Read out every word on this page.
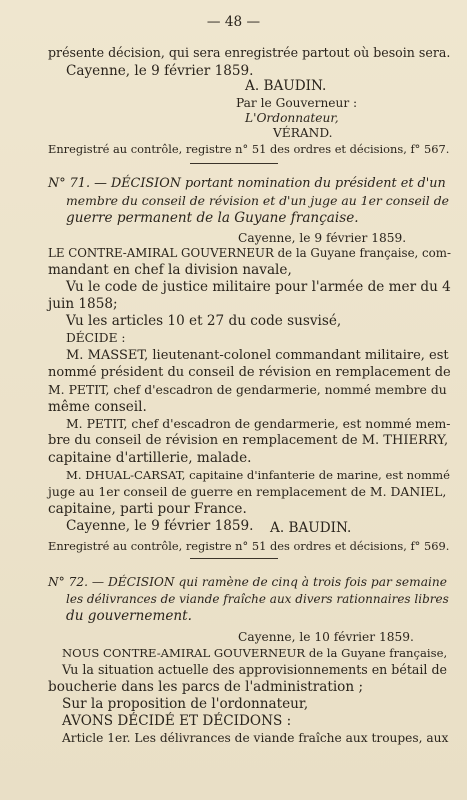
— 48 —
présente décision, qui sera enregistrée partout où besoin sera.
Cayenne, le 9 février 1859.
A. BAUDIN.
Par le Gouverneur :
L'Ordonnateur,
VÉRAND.
Enregistré au contrôle, registre n° 51 des ordres et décisions, f° 567.
N° 71. — DÉCISION portant nomination du président et d'un
membre du conseil de révision et d'un juge au 1er conseil de
guerre permanent de la Guyane française.
Cayenne, le 9 février 1859.
LE CONTRE-AMIRAL GOUVERNEUR de la Guyane française, com-
mandant en chef la division navale,
Vu le code de justice militaire pour l'armée de mer du 4
juin 1858;
Vu les articles 10 et 27 du code susvisé,
DÉCIDE :
M. MASSET, lieutenant-colonel commandant militaire, est
nommé président du conseil de révision en remplacement de
M. PETIT, chef d'escadron de gendarmerie, nommé membre du
même conseil.
M. PETIT, chef d'escadron de gendarmerie, est nommé mem-
bre du conseil de révision en remplacement de M. THIERRY,
capitaine d'artillerie, malade.
M. DHUAL-CARSAT, capitaine d'infanterie de marine, est nommé
juge au 1er conseil de guerre en remplacement de M. DANIEL,
capitaine, parti pour France.
Cayenne, le 9 février 1859. A. BAUDIN.
Enregistré au contrôle, registre n° 51 des ordres et décisions, f° 569.
N° 72. — DÉCISION qui ramène de cinq à trois fois par semaine
les délivrances de viande fraîche aux divers rationnaires libres
du gouvernement.
Cayenne, le 10 février 1859.
NOUS CONTRE-AMIRAL GOUVERNEUR de la Guyane française,
Vu la situation actuelle des approvisionnements en bétail de
boucherie dans les parcs de l'administration ;
Sur la proposition de l'ordonnateur,
AVONS DÉCIDÉ ET DÉCIDONS :
Article 1er. Les délivrances de viande fraîche aux troupes, aux
